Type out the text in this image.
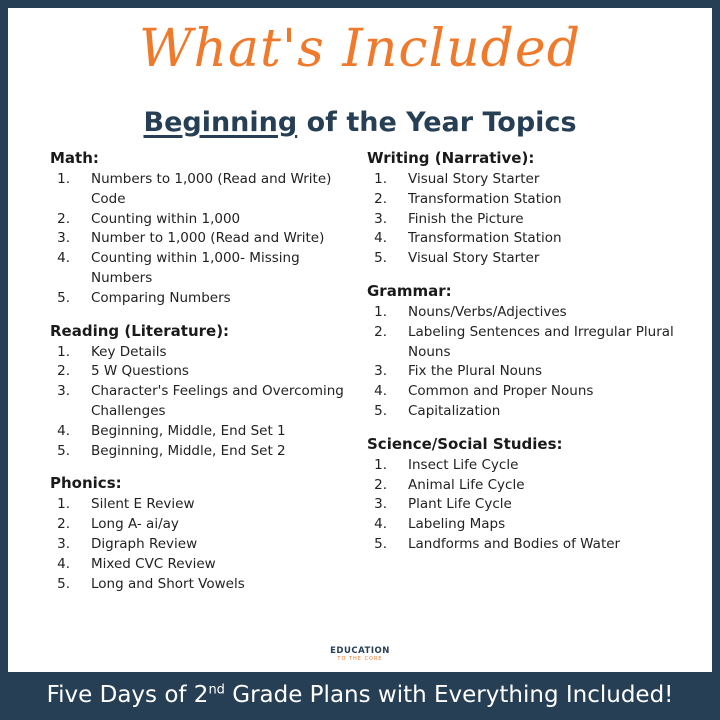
What's Included
Beginning of the Year Topics
Math:
1. Numbers to 1,000 (Read and Write) Code
2. Counting within 1,000
3. Number to 1,000 (Read and Write)
4. Counting within 1,000- Missing Numbers
5. Comparing Numbers
Reading (Literature):
1. Key Details
2. 5 W Questions
3. Character's Feelings and Overcoming Challenges
4. Beginning, Middle, End Set 1
5. Beginning, Middle, End Set 2
Phonics:
1. Silent E Review
2. Long A- ai/ay
3. Digraph Review
4. Mixed CVC Review
5. Long and Short Vowels
Writing (Narrative):
1. Visual Story Starter
2. Transformation Station
3. Finish the Picture
4. Transformation Station
5. Visual Story Starter
Grammar:
1. Nouns/Verbs/Adjectives
2. Labeling Sentences and Irregular Plural Nouns
3. Fix the Plural Nouns
4. Common and Proper Nouns
5. Capitalization
Science/Social Studies:
1. Insect Life Cycle
2. Animal Life Cycle
3. Plant Life Cycle
4. Labeling Maps
5. Landforms and Bodies of Water
EDUCATION
TO THE CORE
Five Days of 2nd Grade Plans with Everything Included!
